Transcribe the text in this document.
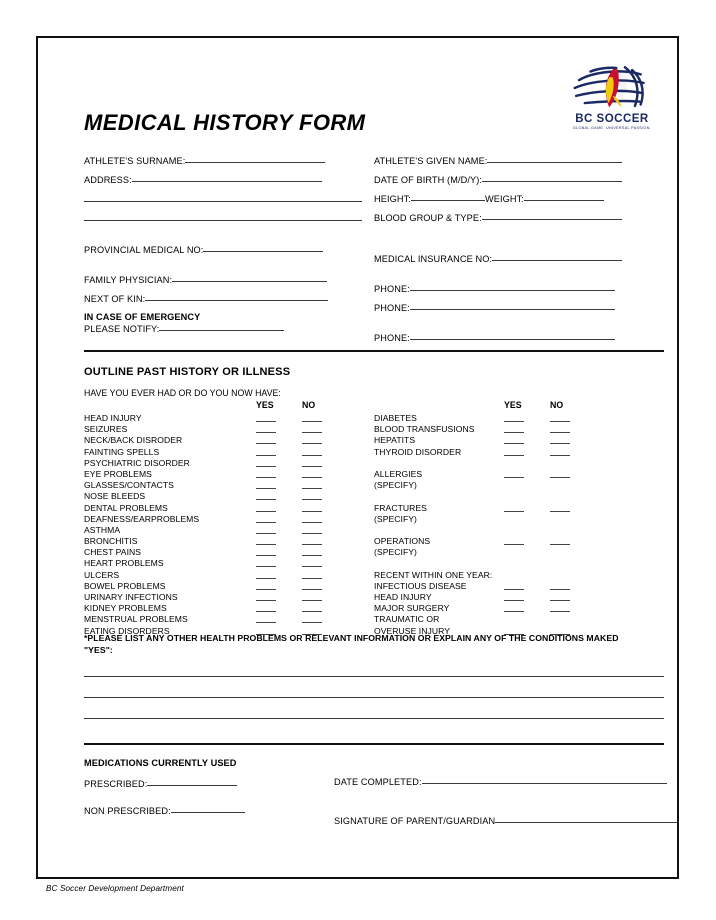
BC SOCCER
GLOBAL GAME. UNIVERSAL PASSION.
MEDICAL HISTORY FORM
ATHLETE'S SURNAME:
ADDRESS:
PROVINCIAL MEDICAL NO:
FAMILY PHYSICIAN:
NEXT OF KIN:
IN CASE OF EMERGENCY
PLEASE NOTIFY:
ATHLETE'S GIVEN NAME:
DATE OF BIRTH (M/D/Y):
HEIGHT:	WEIGHT:
BLOOD GROUP & TYPE:
MEDICAL INSURANCE NO:
PHONE:
PHONE:
PHONE:
OUTLINE PAST HISTORY OR ILLNESS
HAVE YOU EVER HAD OR DO YOU NOW HAVE:
YES	NO
HEAD INJURY
SEIZURES
NECK/BACK DISRODER
FAINTING SPELLS
PSYCHIATRIC DISORDER
EYE PROBLEMS
GLASSES/CONTACTS
NOSE BLEEDS
DENTAL PROBLEMS
DEAFNESS/EARPROBLEMS
ASTHMA
BRONCHITIS
CHEST PAINS
HEART PROBLEMS
ULCERS
BOWEL PROBLEMS
URINARY INFECTIONS
KIDNEY PROBLEMS
MENSTRUAL PROBLEMS
EATING DISORDERS
YES	NO
DIABETES
BLOOD TRANSFUSIONS
HEPATITS
THYROID DISORDER
ALLERGIES
(SPECIFY)
FRACTURES
(SPECIFY)
OPERATIONS
(SPECIFY)
RECENT WITHIN ONE YEAR:
INFECTIOUS DISEASE
HEAD INJURY
MAJOR SURGERY
TRAUMATIC OR
OVERUSE INJURY
*PLEASE LIST ANY OTHER HEALTH PROBLEMS OR RELEVANT INFORMATION OR EXPLAIN ANY OF THE CONDITIONS MAKED
"YES":
MEDICATIONS CURRENTLY USED
PRESCRIBED:
NON PRESCRIBED:
DATE COMPLETED:
SIGNATURE OF PARENT/GUARDIAN
BC Soccer Development Department
